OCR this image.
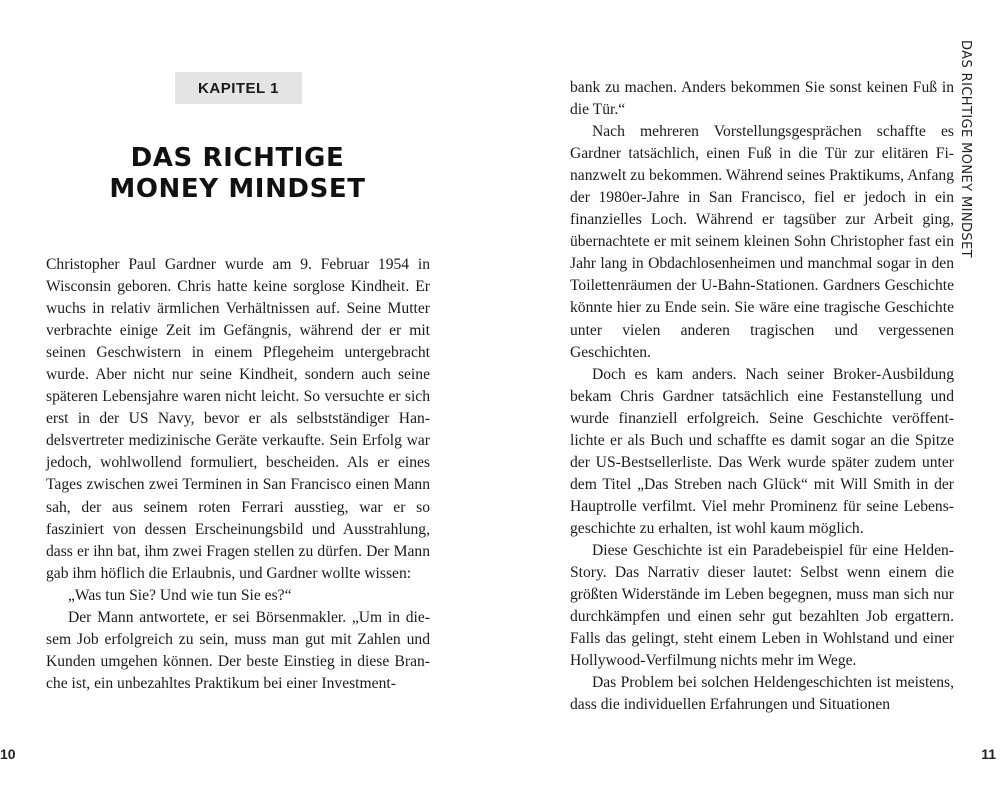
KAPITEL 1
DAS RICHTIGE
MONEY MINDSET

Christopher Paul Gardner wurde am 9. Februar 1954 in Wisconsin geboren. Chris hatte keine sorglose Kindheit. Er wuchs in relativ ärmlichen Verhältnissen auf. Seine Mutter verbrachte einige Zeit im Gefängnis, während der er mit seinen Geschwistern in einem Pflegeheim untergebracht wurde. Aber nicht nur seine Kindheit, sondern auch seine späteren Lebensjahre waren nicht leicht. So versuchte er sich erst in der US Navy, bevor er als selbstständiger Handelsvertreter medizinische Geräte verkaufte. Sein Erfolg war jedoch, wohlwollend formuliert, bescheiden. Als er eines Tages zwischen zwei Terminen in San Francisco einen Mann sah, der aus seinem roten Ferrari ausstieg, war er so fasziniert von dessen Erscheinungsbild und Ausstrahlung, dass er ihn bat, ihm zwei Fragen stellen zu dürfen. Der Mann gab ihm höflich die Erlaubnis, und Gardner wollte wissen:

„Was tun Sie? Und wie tun Sie es?“

Der Mann antwortete, er sei Börsenmakler. „Um in diesem Job erfolgreich zu sein, muss man gut mit Zahlen und Kunden umgehen können. Der beste Einstieg in diese Branche ist, ein unbezahltes Praktikum bei einer Investment-

10

bank zu machen. Anders bekommen Sie sonst keinen Fuß in die Tür.“

Nach mehreren Vorstellungsgesprächen schaffte es Gardner tatsächlich, einen Fuß in die Tür zur elitären Finanzwelt zu bekommen. Während seines Praktikums, Anfang der 1980er-Jahre in San Francisco, fiel er jedoch in ein finanzielles Loch. Während er tagsüber zur Arbeit ging, übernachtete er mit seinem kleinen Sohn Christopher fast ein Jahr lang in Obdachlosenheimen und manchmal sogar in den Toilettenräumen der U-Bahn-Stationen. Gardners Geschichte könnte hier zu Ende sein. Sie wäre eine tragische Geschichte unter vielen anderen tragischen und vergessenen Geschichten.

Doch es kam anders. Nach seiner Broker-Ausbildung bekam Chris Gardner tatsächlich eine Festanstellung und wurde finanziell erfolgreich. Seine Geschichte veröffentlichte er als Buch und schaffte es damit sogar an die Spitze der US-Bestsellerliste. Das Werk wurde später zudem unter dem Titel „Das Streben nach Glück“ mit Will Smith in der Hauptrolle verfilmt. Viel mehr Prominenz für seine Lebensgeschichte zu erhalten, ist wohl kaum möglich.

Diese Geschichte ist ein Paradebeispiel für eine Helden-Story. Das Narrativ dieser lautet: Selbst wenn einem die größten Widerstände im Leben begegnen, muss man sich nur durchkämpfen und einen sehr gut bezahlten Job ergattern. Falls das gelingt, steht einem Leben in Wohlstand und einer Hollywood-Verfilmung nichts mehr im Wege.

Das Problem bei solchen Heldengeschichten ist meistens, dass die individuellen Erfahrungen und Situationen

11
DAS RICHTIGE MONEY MINDSET
